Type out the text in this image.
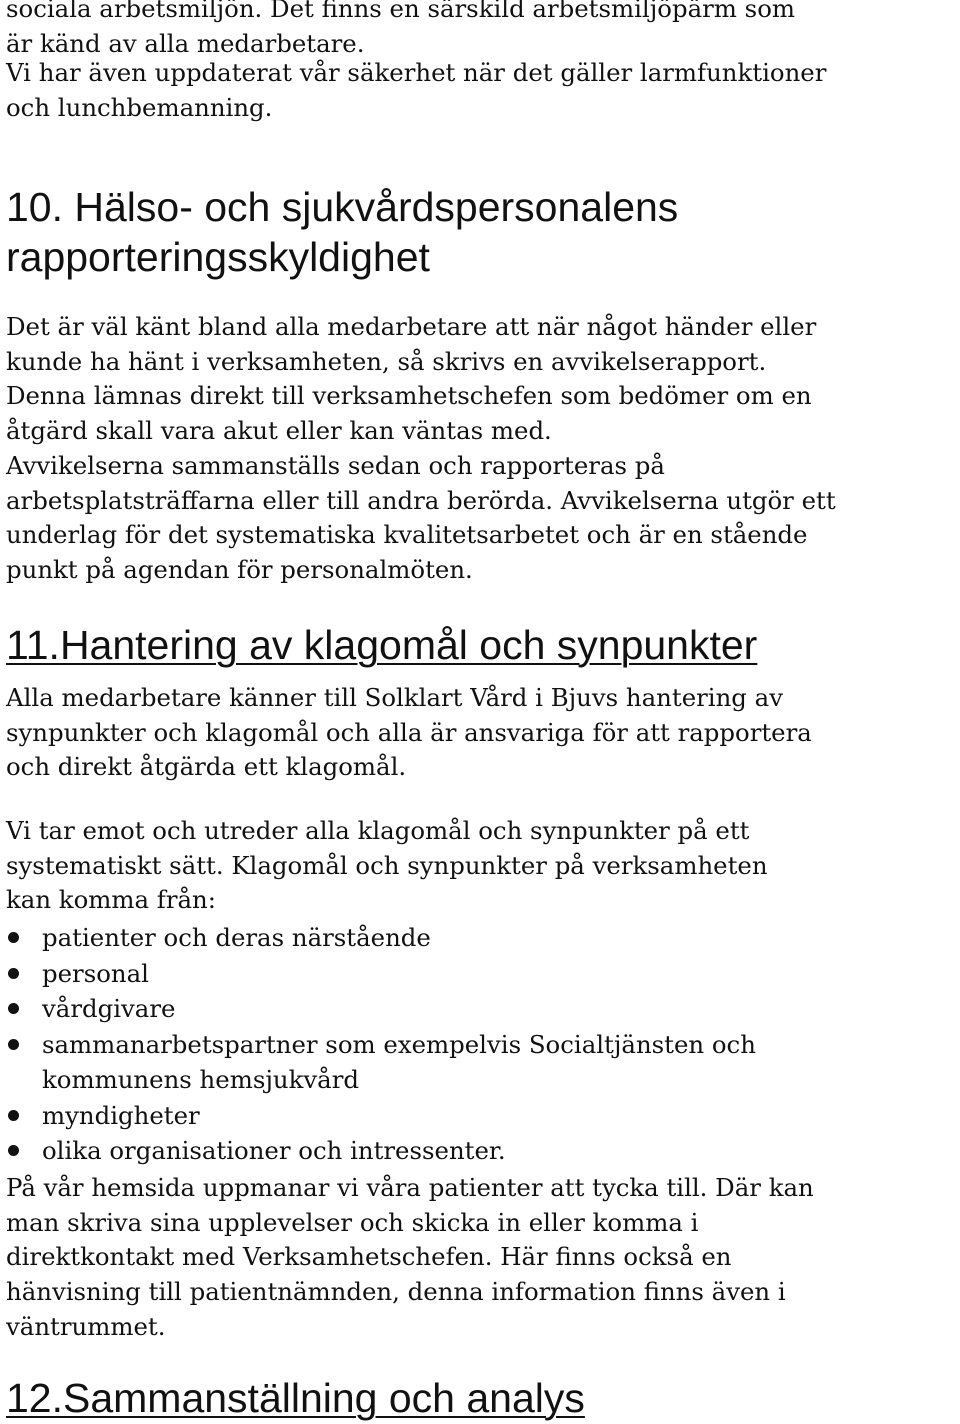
sociala arbetsmiljön. Det finns en särskild arbetsmiljöpärm som
är känd av alla medarbetare.

Vi har även uppdaterat vår säkerhet när det gäller larmfunktioner
och lunchbemanning.

10. Hälso- och sjukvårdspersonalens
rapporteringsskyldighet

Det är väl känt bland alla medarbetare att när något händer eller
kunde ha hänt i verksamheten, så skrivs en avvikelserapport.
Denna lämnas direkt till verksamhetschefen som bedömer om en
åtgärd skall vara akut eller kan väntas med.
Avvikelserna sammanställs sedan och rapporteras på
arbetsplatsträffarna eller till andra berörda. Avvikelserna utgör ett
underlag för det systematiska kvalitetsarbetet och är en stående
punkt på agendan för personalmöten.

11.Hantering av klagomål och synpunkter

Alla medarbetare känner till Solklart Vård i Bjuvs hantering av
synpunkter och klagomål och alla är ansvariga för att rapportera
och direkt åtgärda ett klagomål.

Vi tar emot och utreder alla klagomål och synpunkter på ett
systematiskt sätt. Klagomål och synpunkter på verksamheten
kan komma från:

patienter och deras närstående
personal
vårdgivare
sammanarbetspartner som exempelvis Socialtjänsten och
kommunens hemsjukvård
myndigheter
olika organisationer och intressenter.

På vår hemsida uppmanar vi våra patienter att tycka till. Där kan
man skriva sina upplevelser och skicka in eller komma i
direktkontakt med Verksamhetschefen. Här finns också en
hänvisning till patientnämnden, denna information finns även i
väntrummet.

12.Sammanställning och analys
